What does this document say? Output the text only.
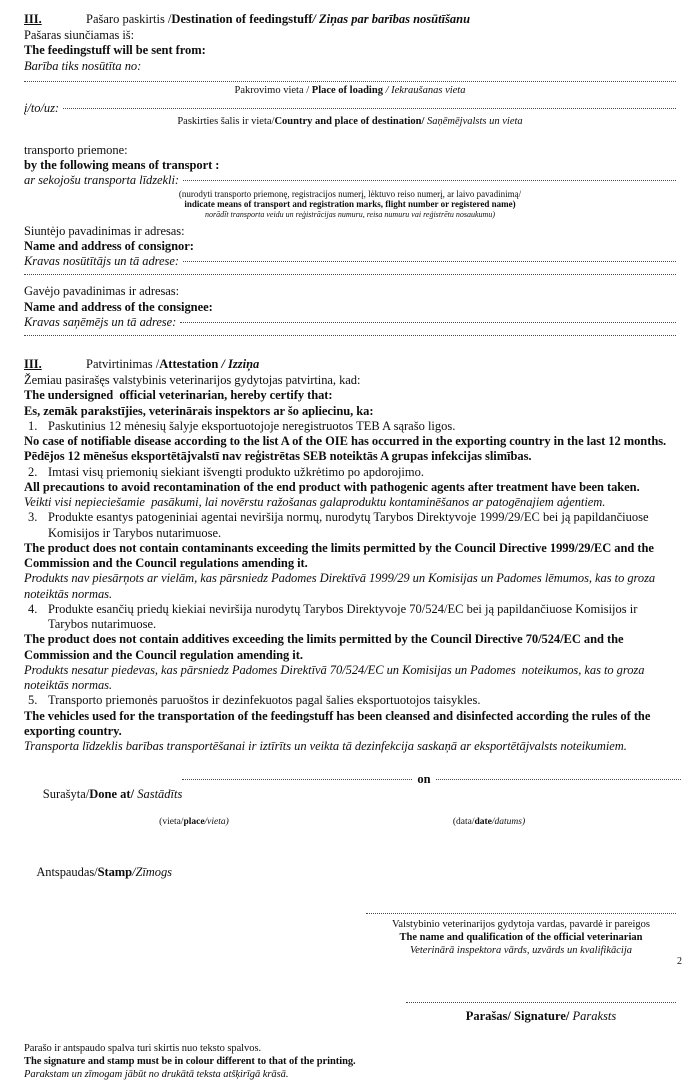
III.	Pašaro paskirtis /Destination of feedingstuff/ Ziņas par barības nosūtīšanu
Pašaras siunčiamas iš:
The feedingstuff will be sent from:
Barība tiks nosūtīta no:
Pakrovimo vieta / Place of loading / Iekraušanas vieta
į/to/uz:
Paskirties šalis ir vieta/Country and place of destination/ Saņēmējvalsts un vieta
transporto priemone:
by the following means of transport :
ar sekojošu transporta līdzekli:
(nurodyti transporto priemonę, registracijos numerį, lėktuvo reiso numerį, ar laivo pavadinimą/
indicate means of transport and registration marks, flight number or registered name)
norādīt transporta veidu un reģistrācijas numuru, reisa numuru vai reģistrētu nosaukumu)
Siuntėjo pavadinimas ir adresas:
Name and address of consignor:
Kravas nosūtītājs un tā adrese:
Gavėjo pavadinimas ir adresas:
Name and address of the consignee:
Kravas saņēmējs un tā adrese:
III.	Patvirtinimas /Attestation / Izziņa
Žemiau pasirašęs valstybinis veterinarijos gydytojas patvirtina, kad:
The undersigned  official veterinarian, hereby certify that:
Es, zemāk parakstījies, veterinārais inspektors ar šo apliecinu, ka:
1. Paskutinius 12 mėnesių šalyje eksportuotojoje neregistruotos TEB A sąrašo ligos.
No case of notifiable disease according to the list A of the OIE has occurred in the exporting country in the last 12 months.
Pēdējos 12 mēnešus eksportētājvalstī nav reģistrētas SEB noteiktās A grupas infekcijas slimības.
2. Imtasi visų priemonių siekiant išvengti produkto užkrėtimo po apdorojimo.
All precautions to avoid recontamination of the end product with pathogenic agents after treatment have been taken.
Veikti visi nepieciešamie  pasākumi, lai novērstu ražošanas galaproduktu kontaminēšanos ar patogēnajiem aģentiem.
3. Produkte esantys patogeniniai agentai neviršija normų, nurodytų Tarybos Direktyvoje 1999/29/EC bei ją papildančiuose Komisijos ir Tarybos nutarimuose.
The product does not contain contaminants exceeding the limits permitted by the Council Directive 1999/29/EC and the Commission and the Council regulations amending it.
Produkts nav piesārņots ar vielām, kas pārsniedz Padomes Direktīvā 1999/29 un Komisijas un Padomes lēmumos, kas to groza noteiktās normas.
4. Produkte esančių priedų kiekiai neviršija nurodytų Tarybos Direktyvoje 70/524/EC bei ją papildančiuose Komisijos ir Tarybos nutarimuose.
The product does not contain additives exceeding the limits permitted by the Council Directive 70/524/EC and the Commission and the Council regulation amending it.
Produkts nesatur piedevas, kas pārsniedz Padomes Direktīvā 70/524/EC un Komisijas un Padomes  noteikumos, kas to groza noteiktās normas.
5. Transporto priemonės paruoštos ir dezinfekuotos pagal šalies eksportuotojos taisykles.
The vehicles used for the transportation of the feedingstuff has been cleansed and disinfected according the rules of the exporting country.
Transporta līdzeklis barības transportēšanai ir iztīrīts un veikta tā dezinfekcija saskaņā ar eksportētājvalsts noteikumiem.

Surašyta/Done at/ Sastādīts

on
(vieta/place/vieta)	(data/date/datums)

Antspaudas/Stamp/Zīmogs

Valstybinio veterinarijos gydytoja vardas, pavardė ir pareigos
The name and qualification of the official veterinarian
Veterinārā inspektora vārds, uzvārds un kvalifikācija
Parašas/ Signature/ Paraksts
Parašo ir antspaudo spalva turi skirtis nuo teksto spalvos.
The signature and stamp must be in colour different to that of the printing.
Parakstam un zīmogam jābūt no drukātā teksta atšķirīgā krāsā.
2
